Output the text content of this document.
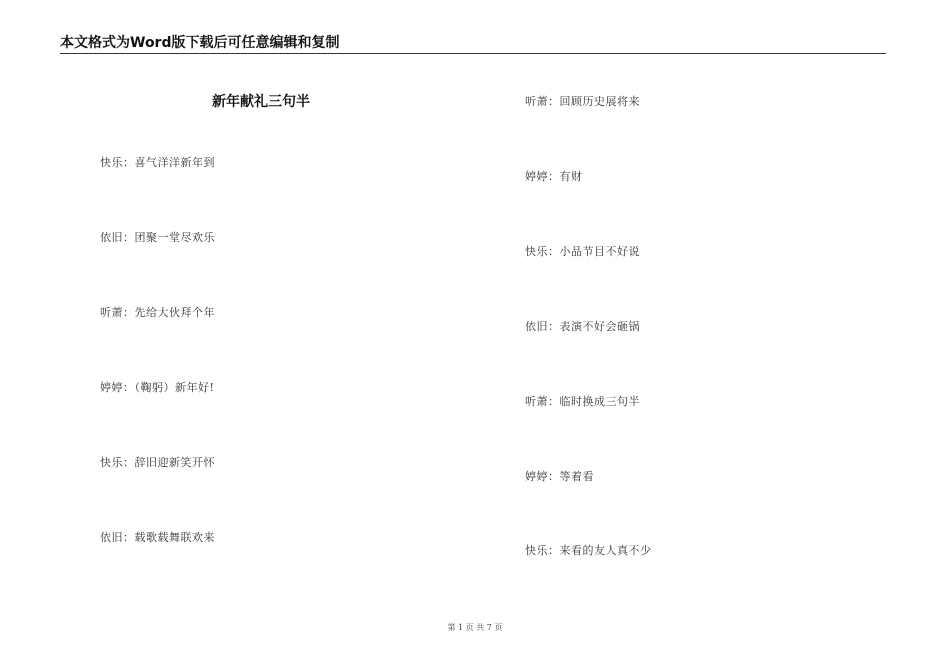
本文格式为Word版下载后可任意编辑和复制
新年献礼三句半
快乐：喜气洋洋新年到
依旧：团聚一堂尽欢乐
听萧：先给大伙拜个年
婷婷：（鞠躬）新年好!
快乐：辞旧迎新笑开怀
依旧：载歌载舞联欢来
听萧：回顾历史展将来
婷婷：有财
快乐：小品节目不好说
依旧：表演不好会砸锅
听萧：临时换成三句半
婷婷：等着看
快乐：来看的友人真不少
第 1 页 共 7 页
